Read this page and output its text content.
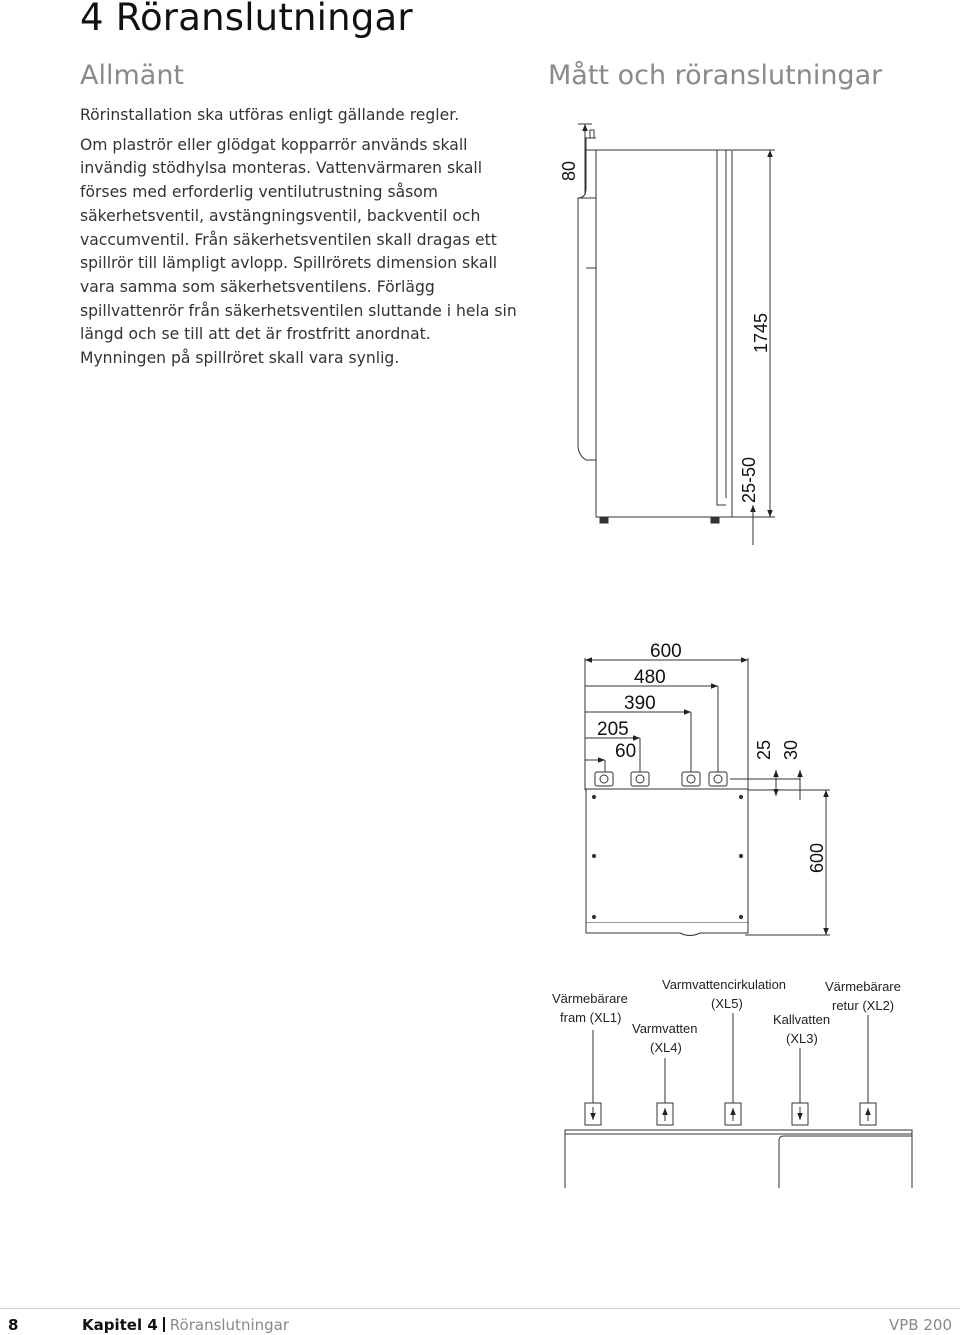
4 Röranslutningar
Allmänt	Mått och röranslutningar

Rörinstallation ska utföras enligt gällande regler.

Om plaströr eller glödgat kopparrör används skall invändig stödhylsa monteras. Vattenvärmaren skall förses med erforderlig ventilutrustning såsom säkerhetsventil, avstängningsventil, backventil och vaccumventil. Från säkerhetsventilen skall dragas ett spillrör till lämpligt avlopp. Spillrörets dimension skall vara samma som säkerhetsventilens. Förlägg spillvattenrör från säkerhetsventilen sluttande i hela sin längd och se till att det är frostfritt anordnat. Mynningen på spillröret skall vara synlig.

80
1745
25-50
600
480
390
205
60	25 30
600
Värmebärare
fram (XL1)
Varmvattencirkulation
(XL5)
Värmebärare
retur (XL2)
Varmvatten
(XL4)
Kallvatten
(XL3)
8	Kapitel 4 Röranslutningar	VPB 200
